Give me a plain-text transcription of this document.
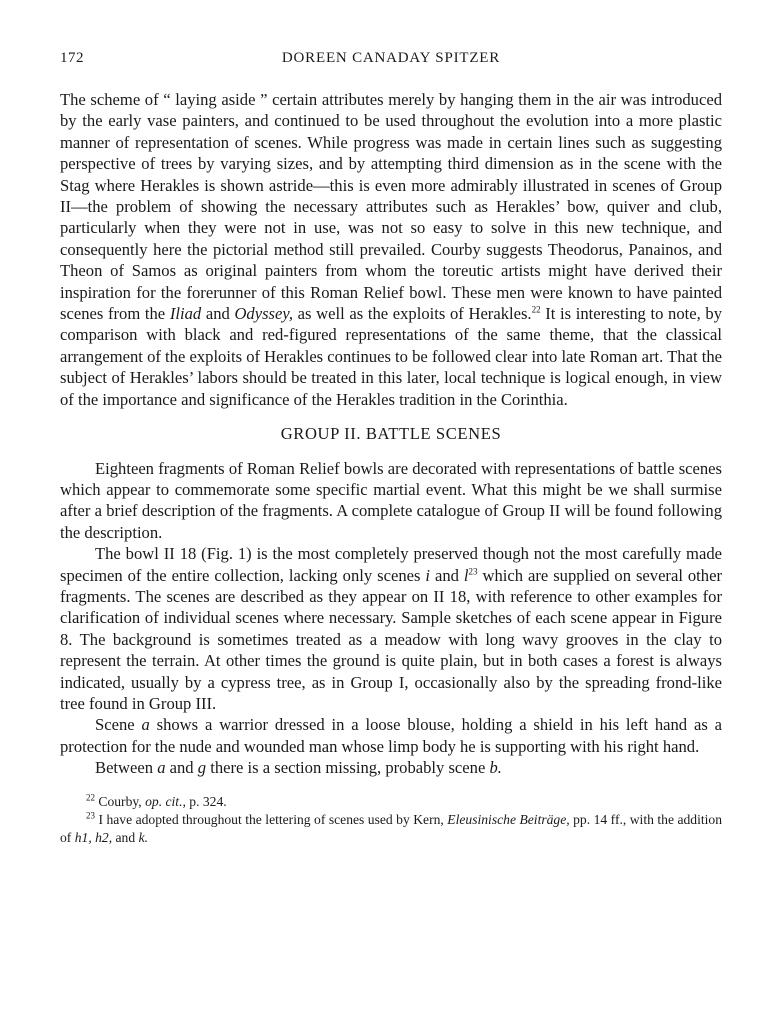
172	DOREEN CANADAY SPITZER

The scheme of “ laying aside ” certain attributes merely by hanging them in the air was introduced by the early vase painters, and continued to be used throughout the evolution into a more plastic manner of representation of scenes. While progress was made in certain lines such as suggesting perspective of trees by varying sizes, and by attempting third dimension as in the scene with the Stag where Herakles is shown astride—this is even more admirably illustrated in scenes of Group II—the problem of showing the necessary attributes such as Herakles’ bow, quiver and club, particularly when they were not in use, was not so easy to solve in this new technique, and consequently here the pictorial method still prevailed. Courby suggests Theodorus, Panainos, and Theon of Samos as original painters from whom the toreutic artists might have derived their inspiration for the forerunner of this Roman Relief bowl. These men were known to have painted scenes from the Iliad and Odyssey, as well as the exploits of Herakles.$^{22}$ It is interesting to note, by comparison with black and red-figured representations of the same theme, that the classical arrangement of the exploits of Herakles continues to be followed clear into late Roman art. That the subject of Herakles’ labors should be treated in this later, local technique is logical enough, in view of the importance and significance of the Herakles tradition in the Corinthia.

GROUP II. BATTLE SCENES

Eighteen fragments of Roman Relief bowls are decorated with representations of battle scenes which appear to commemorate some specific martial event. What this might be we shall surmise after a brief description of the fragments. A complete catalogue of Group II will be found following the description.

The bowl II 18 (Fig. 1) is the most completely preserved though not the most carefully made specimen of the entire collection, lacking only scenes i and $l^{23}$ which are supplied on several other fragments. The scenes are described as they appear on II 18, with reference to other examples for clarification of individual scenes where necessary. Sample sketches of each scene appear in Figure 8. The background is sometimes treated as a meadow with long wavy grooves in the clay to represent the terrain. At other times the ground is quite plain, but in both cases a forest is always indicated, usually by a cypress tree, as in Group I, occasionally also by the spreading frond-like tree found in Group III.

Scene a shows a warrior dressed in a loose blouse, holding a shield in his left hand as a protection for the nude and wounded man whose limp body he is supporting with his right hand.

Between a and g there is a section missing, probably scene b.

$^{22}$ Courby, op. cit., p. 324.

$^{23}$ I have adopted throughout the lettering of scenes used by Kern, Eleusinische Beiträge, pp. 14 ff., with the addition of h1, h2, and k.
